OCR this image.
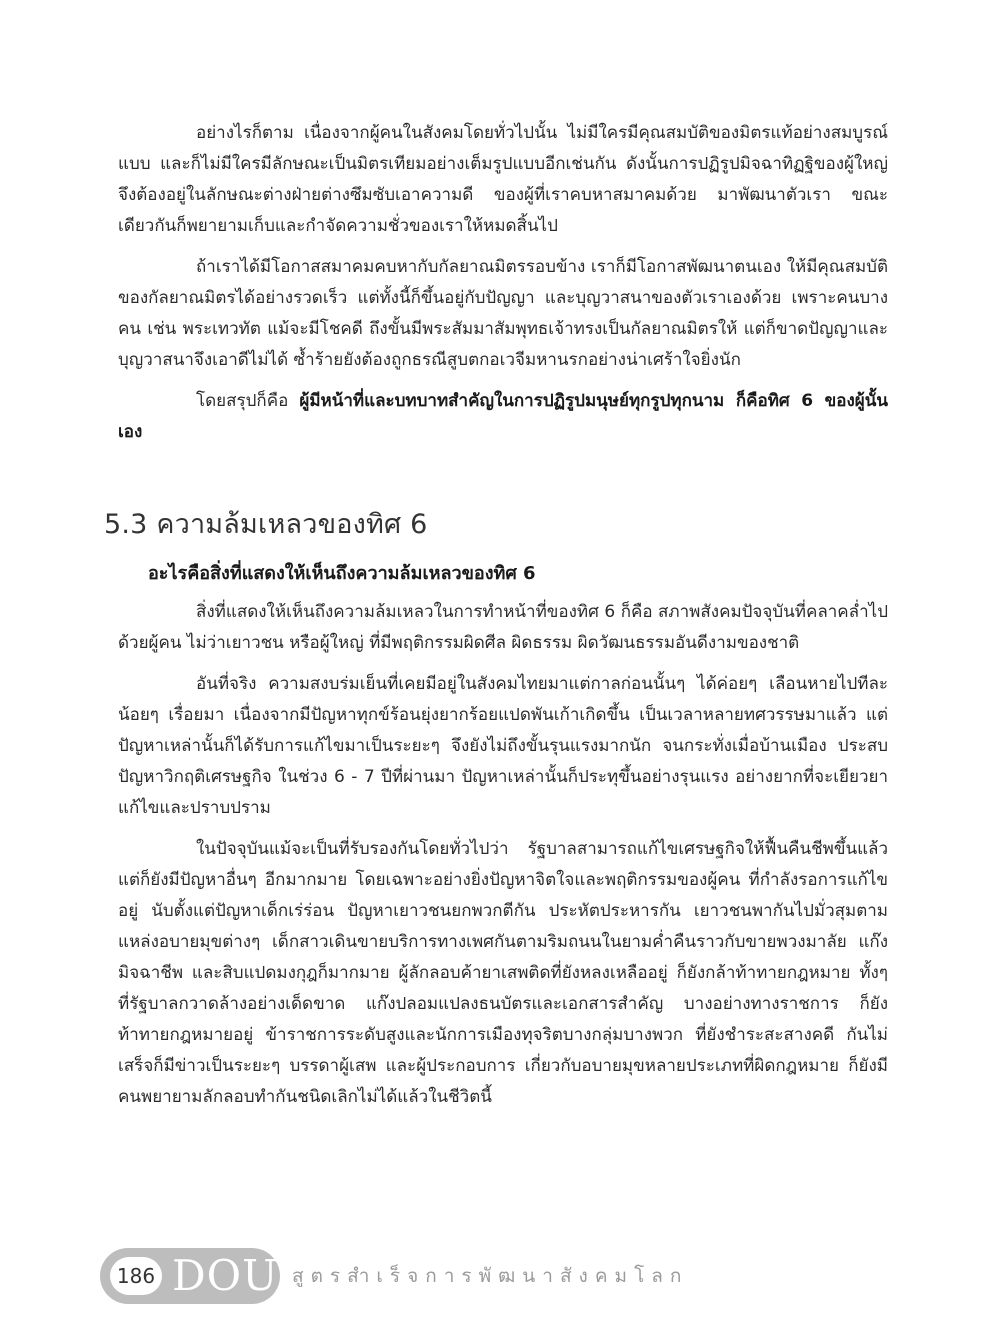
อย่างไรก็ตาม เนื่องจากผู้คนในสังคมโดยทั่วไปนั้น ไม่มีใครมีคุณสมบัติของมิตรแท้อย่างสมบูรณ์แบบ และก็ไม่มีใครมีลักษณะเป็นมิตรเทียมอย่างเต็มรูปแบบอีกเช่นกัน ดังนั้นการปฏิรูปมิจฉาทิฏฐิของผู้ใหญ่ จึงต้องอยู่ในลักษณะต่างฝ่ายต่างซึมซับเอาความดี ของผู้ที่เราคบหาสมาคมด้วย มาพัฒนาตัวเรา ขณะเดียวกันก็พยายามเก็บและกำจัดความชั่วของเราให้หมดสิ้นไป

ถ้าเราได้มีโอกาสสมาคมคบหากับกัลยาณมิตรรอบข้าง เราก็มีโอกาสพัฒนาตนเอง ให้มีคุณสมบัติของกัลยาณมิตรได้อย่างรวดเร็ว แต่ทั้งนี้ก็ขึ้นอยู่กับปัญญา และบุญวาสนาของตัวเราเองด้วย เพราะคนบางคน เช่น พระเทวทัต แม้จะมีโชคดี ถึงขั้นมีพระสัมมาสัมพุทธเจ้าทรงเป็นกัลยาณมิตรให้ แต่ก็ขาดปัญญาและบุญวาสนาจึงเอาดีไม่ได้ ซ้ำร้ายยังต้องถูกธรณีสูบตกอเวจีมหานรกอย่างน่าเศร้าใจยิ่งนัก

โดยสรุปก็คือ ผู้มีหน้าที่และบทบาทสำคัญในการปฏิรูปมนุษย์ทุกรูปทุกนาม ก็คือทิศ 6 ของผู้นั้นเอง

5.3 ความล้มเหลวของทิศ 6
อะไรคือสิ่งที่แสดงให้เห็นถึงความล้มเหลวของทิศ 6

สิ่งที่แสดงให้เห็นถึงความล้มเหลวในการทำหน้าที่ของทิศ 6 ก็คือ สภาพสังคมปัจจุบันที่คลาคล่ำไปด้วยผู้คน ไม่ว่าเยาวชน หรือผู้ใหญ่ ที่มีพฤติกรรมผิดศีล ผิดธรรม ผิดวัฒนธรรมอันดีงามของชาติ

อันที่จริง ความสงบร่มเย็นที่เคยมีอยู่ในสังคมไทยมาแต่กาลก่อนนั้นๆ ได้ค่อยๆ เลือนหายไปทีละน้อยๆ เรื่อยมา เนื่องจากมีปัญหาทุกข์ร้อนยุ่งยากร้อยแปดพันเก้าเกิดขึ้น เป็นเวลาหลายทศวรรษมาแล้ว แต่ปัญหาเหล่านั้นก็ได้รับการแก้ไขมาเป็นระยะๆ จึงยังไม่ถึงขั้นรุนแรงมากนัก จนกระทั่งเมื่อบ้านเมือง ประสบปัญหาวิกฤติเศรษฐกิจ ในช่วง 6 - 7 ปีที่ผ่านมา ปัญหาเหล่านั้นก็ประทุขึ้นอย่างรุนแรง อย่างยากที่จะเยียวยาแก้ไขและปราบปราม

ในปัจจุบันแม้จะเป็นที่รับรองกันโดยทั่วไปว่า รัฐบาลสามารถแก้ไขเศรษฐกิจให้ฟื้นคืนชีพขึ้นแล้ว แต่ก็ยังมีปัญหาอื่นๆ อีกมากมาย โดยเฉพาะอย่างยิ่งปัญหาจิตใจและพฤติกรรมของผู้คน ที่กำลังรอการแก้ไขอยู่ นับตั้งแต่ปัญหาเด็กเร่ร่อน ปัญหาเยาวชนยกพวกตีกัน ประหัตประหารกัน เยาวชนพากันไปมั่วสุมตามแหล่งอบายมุขต่างๆ เด็กสาวเดินขายบริการทางเพศกันตามริมถนนในยามค่ำคืนราวกับขายพวงมาลัย แก๊งมิจฉาชีพ และสิบแปดมงกุฎก็มากมาย ผู้ลักลอบค้ายาเสพติดที่ยังหลงเหลืออยู่ ก็ยังกล้าท้าทายกฎหมาย ทั้งๆ ที่รัฐบาลกวาดล้างอย่างเด็ดขาด แก๊งปลอมแปลงธนบัตรและเอกสารสำคัญ บางอย่างทางราชการ ก็ยังท้าทายกฎหมายอยู่ ข้าราชการระดับสูงและนักการเมืองทุจริตบางกลุ่มบางพวก ที่ยังชำระสะสางคดี กันไม่เสร็จก็มีข่าวเป็นระยะๆ บรรดาผู้เสพ และผู้ประกอบการ เกี่ยวกับอบายมุขหลายประเภทที่ผิดกฎหมาย ก็ยังมีคนพยายามลักลอบทำกันชนิดเลิกไม่ได้แล้วในชีวิตนี้

186 DOU สูตรสำเร็จการพัฒนาสังคมโลก
